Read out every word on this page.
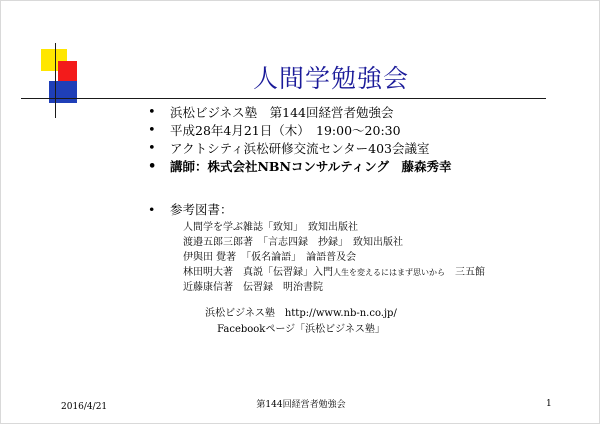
人間学勉強会
• 浜松ビジネス塾　第144回経営者勉強会
• 平成28年4月21日（木）　19:00～20:30
• アクトシティ浜松研修交流センター403会議室
• 講師：株式会社NBNコンサルティング　藤森秀幸
• 参考図書：
人間学を学ぶ雑誌「致知」　致知出版社
渡邉五郎三郎著　「言志四録　抄録」　致知出版社
伊與田 覺著　「仮名論語」　論語普及会
林田明大著　真説「伝習録」入門人生を変えるにはまず思いから　三五館
近藤康信著　伝習録　明治書院
浜松ビジネス塾　http://www.nb-n.co.jp/
Facebookページ「浜松ビジネス塾」
2016/4/21	第144回経営者勉強会	1
